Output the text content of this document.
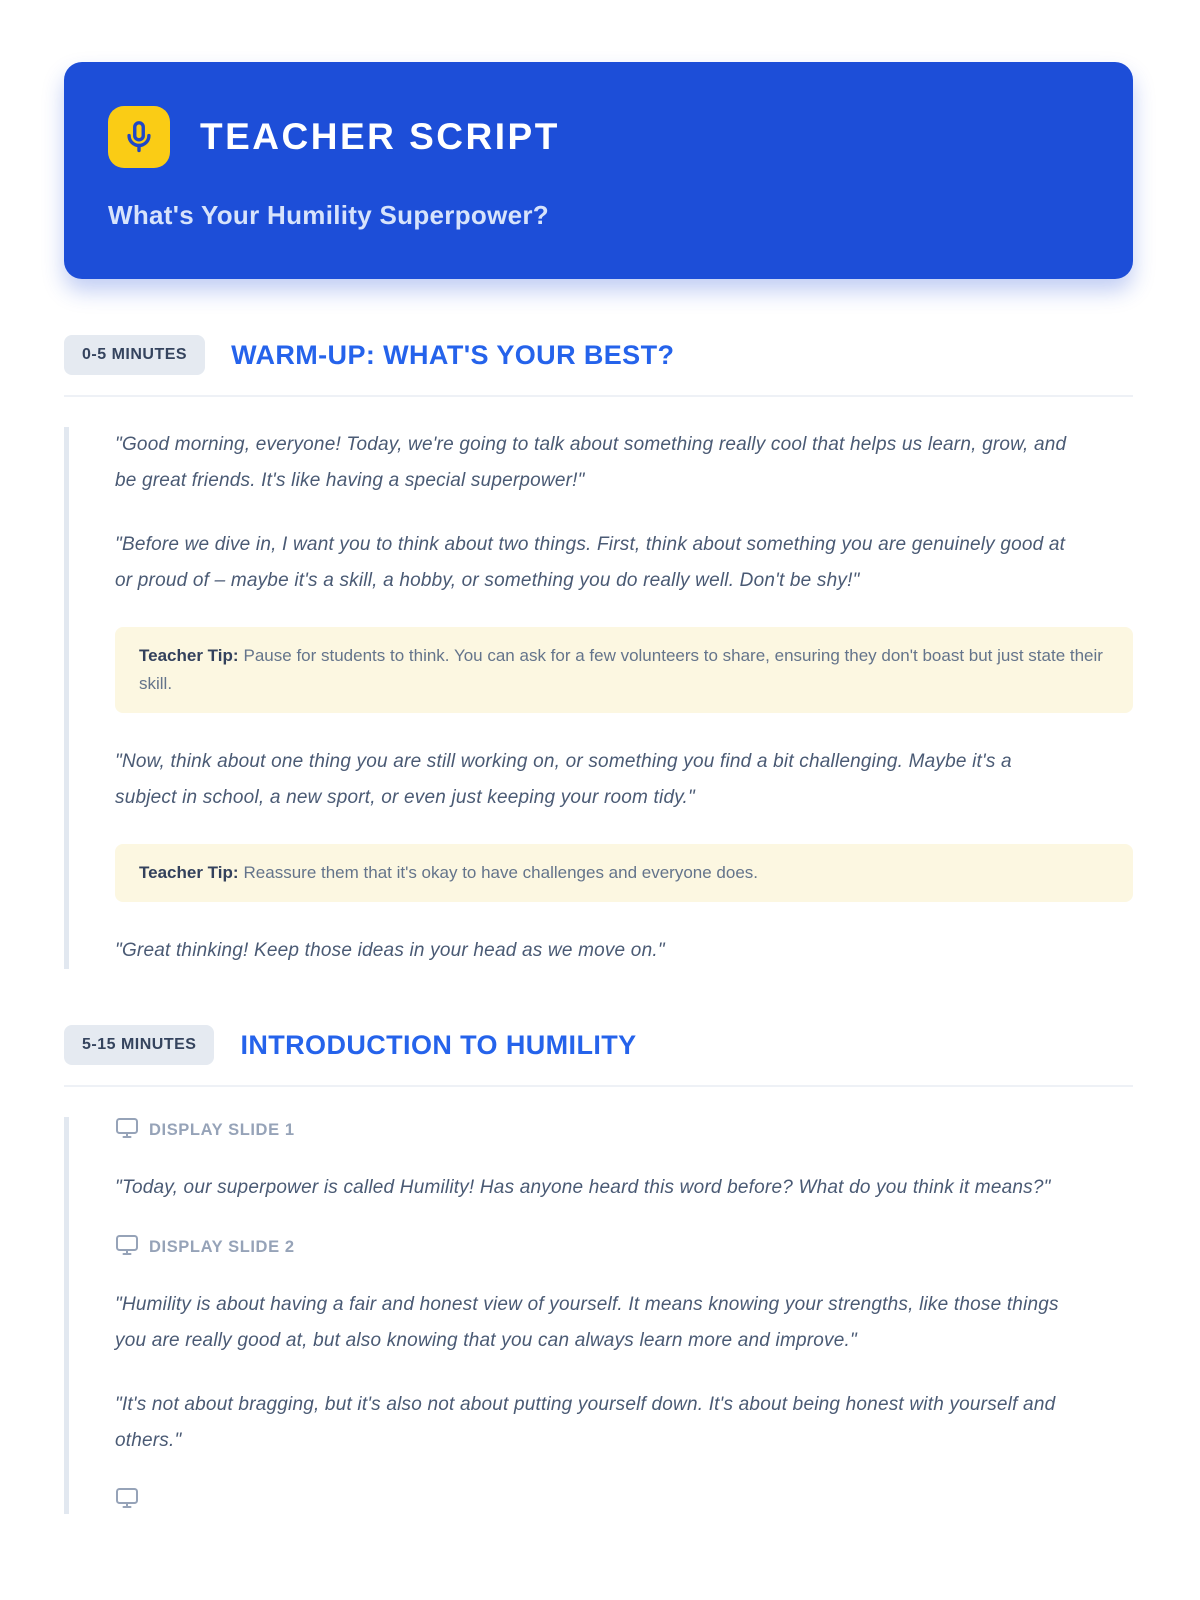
TEACHER SCRIPT
What's Your Humility Superpower?
0-5 MINUTES	WARM-UP: WHAT'S YOUR BEST?

"Good morning, everyone! Today, we're going to talk about something really cool that helps us learn, grow, and be great friends. It's like having a special superpower!"

"Before we dive in, I want you to think about two things. First, think about something you are genuinely good at or proud of – maybe it's a skill, a hobby, or something you do really well. Don't be shy!"

Teacher Tip: Pause for students to think. You can ask for a few volunteers to share, ensuring they don't boast but just state their skill.

"Now, think about one thing you are still working on, or something you find a bit challenging. Maybe it's a subject in school, a new sport, or even just keeping your room tidy."

Teacher Tip: Reassure them that it's okay to have challenges and everyone does.

"Great thinking! Keep those ideas in your head as we move on."

5-15 MINUTES	INTRODUCTION TO HUMILITY
DISPLAY SLIDE 1

"Today, our superpower is called Humility! Has anyone heard this word before? What do you think it means?"

DISPLAY SLIDE 2

"Humility is about having a fair and honest view of yourself. It means knowing your strengths, like those things you are really good at, but also knowing that you can always learn more and improve."

"It's not about bragging, but it's also not about putting yourself down. It's about being honest with yourself and others."
